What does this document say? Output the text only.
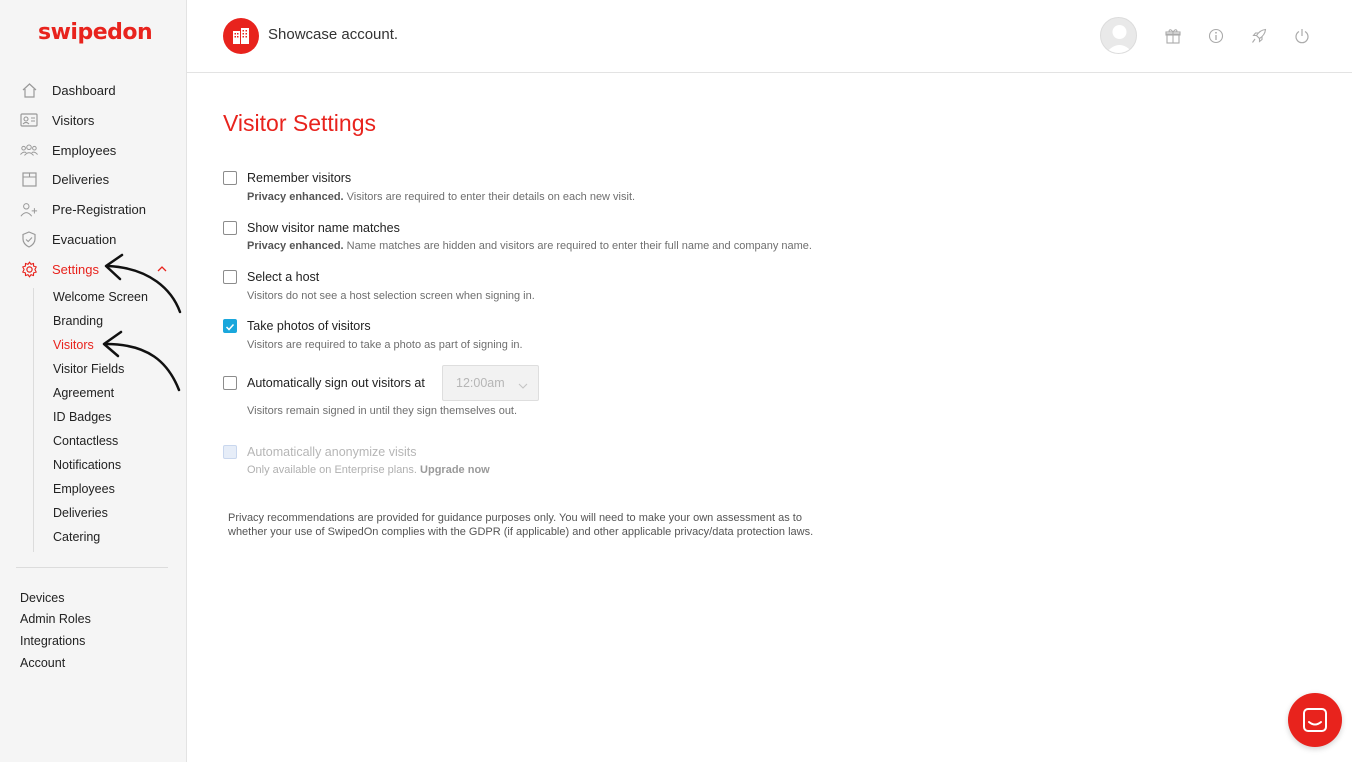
swipedon
Dashboard
Visitors
Employees
Deliveries
Pre-Registration
Evacuation
Settings
Welcome Screen
Branding
Visitors
Visitor Fields
Agreement
ID Badges
Contactless
Notifications
Employees
Deliveries
Catering
Devices
Admin Roles
Integrations
Account
Showcase account.
Visitor Settings
Remember visitors
Privacy enhanced. Visitors are required to enter their details on each new visit.
Show visitor name matches
Privacy enhanced. Name matches are hidden and visitors are required to enter their full name and company name.
Select a host
Visitors do not see a host selection screen when signing in.
Take photos of visitors
Visitors are required to take a photo as part of signing in.
Automatically sign out visitors at
Visitors remain signed in until they sign themselves out.
12:00am
Automatically anonymize visits
Only available on Enterprise plans. Upgrade now
Privacy recommendations are provided for guidance purposes only. You will need to make your own assessment as to whether your use of SwipedOn complies with the GDPR (if applicable) and other applicable privacy/data protection laws.
